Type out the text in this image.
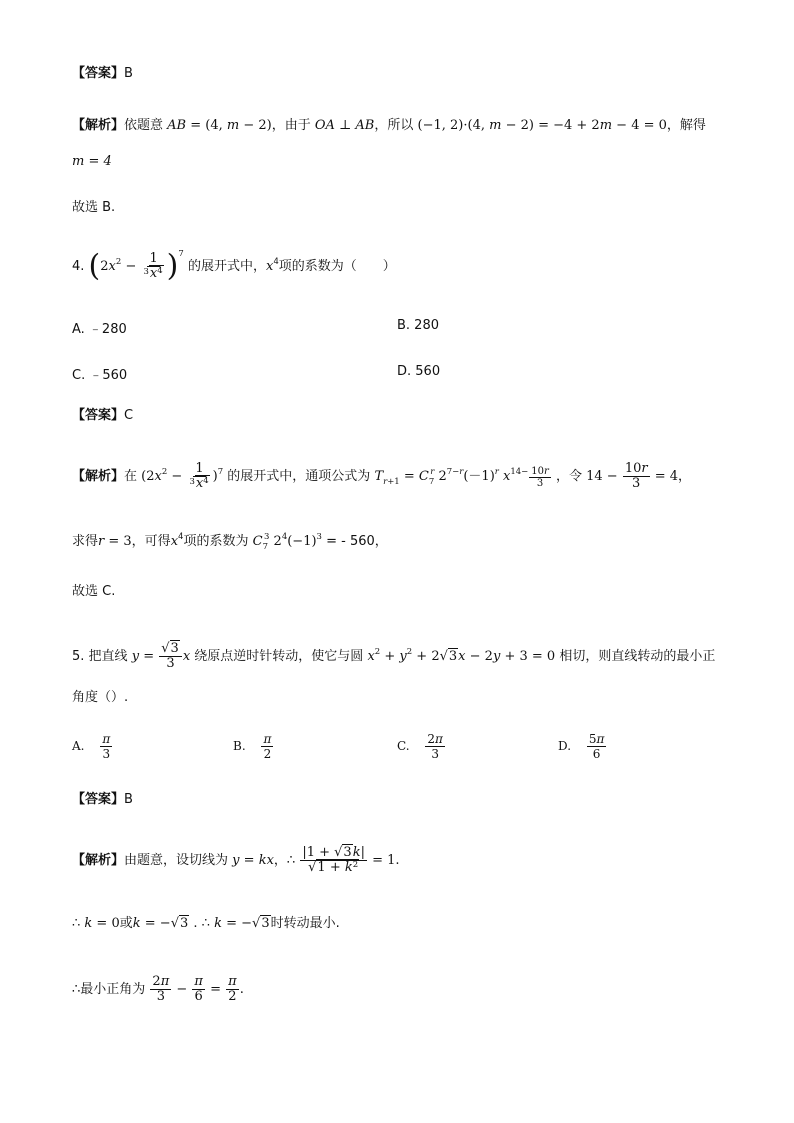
【答案】B
【解析】依题意 AB = (4, m − 2)，由于 OA ⊥ AB，所以 (−1, 2)·(4, m − 2) = −4 + 2m − 4 = 0，解得
m = 4
故选 B.
4. $(2x^2 - \frac{1}{^3x^4} )^7$ 的展开式中，$x^4$项的系数为（　　）
A. ﹣280	B. 280
C. ﹣560	D. 560
【答案】C
【解析】在 $(2x^2 - \frac{1}{^3x^4} )^7$ 的展开式中，通项公式为 $T_{r+1} = C_7^r$ $2^{7-r}(-1)^r$ $x^{14- \frac{10r}{3}}$ ，令 $14 - \frac{10r}{3} = 4$，
求得r = 3，可得$x^4$项的系数为 $C_7^3$ $2^4(-1)^3$ = - 560，
故选 C.
5. 把直线 $y = \frac{√3}{3}$ x 绕原点逆时针转动，使它与圆 $x^2 + y^2 + 2√3x - 2y + 3 = 0$ 相切，则直线转动的最小正
角度（）.
A. $\frac{\pi}{3}$	B. $\frac{\pi}{2}$	C. $\frac{2\pi}{3}$	D. $\frac{5\pi}{6}$
【答案】B
【解析】由题意，设切线为 y = kx，∴ $\frac{|1 + √3k|}{√1 + k^2} = 1$.
∴ k = 0或k = −√3 . ∴ k = −√3时转动最小.
∴最小正角为 $\frac{2\pi}{3} - \frac{\pi}{6} = \frac{\pi}{2}$ .
